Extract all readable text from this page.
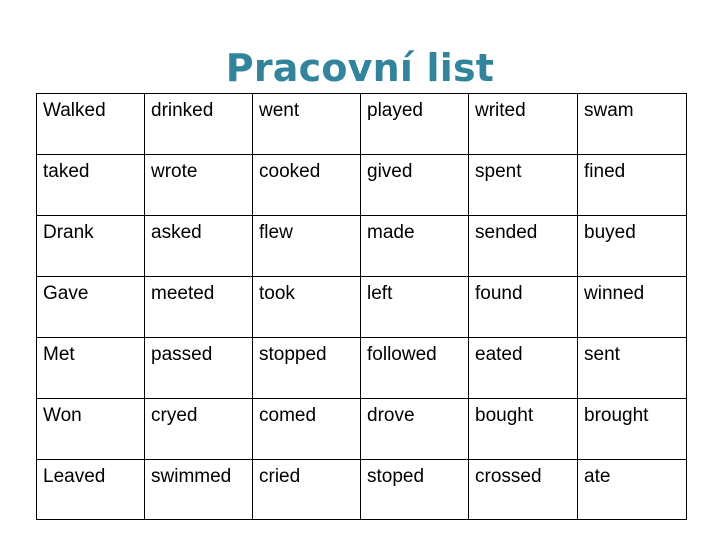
Pracovní list
Walked	drinked	went	played	writed	swam

taked	wrote	cooked	gived	spent	fined

Drank	asked	flew	made	sended	buyed

Gave	meeted	took	left	found	winned

Met	passed	stopped	followed	eated	sent

Won	cryed	comed	drove	bought	brought

Leaved	swimmed	cried	stoped	crossed	ate
